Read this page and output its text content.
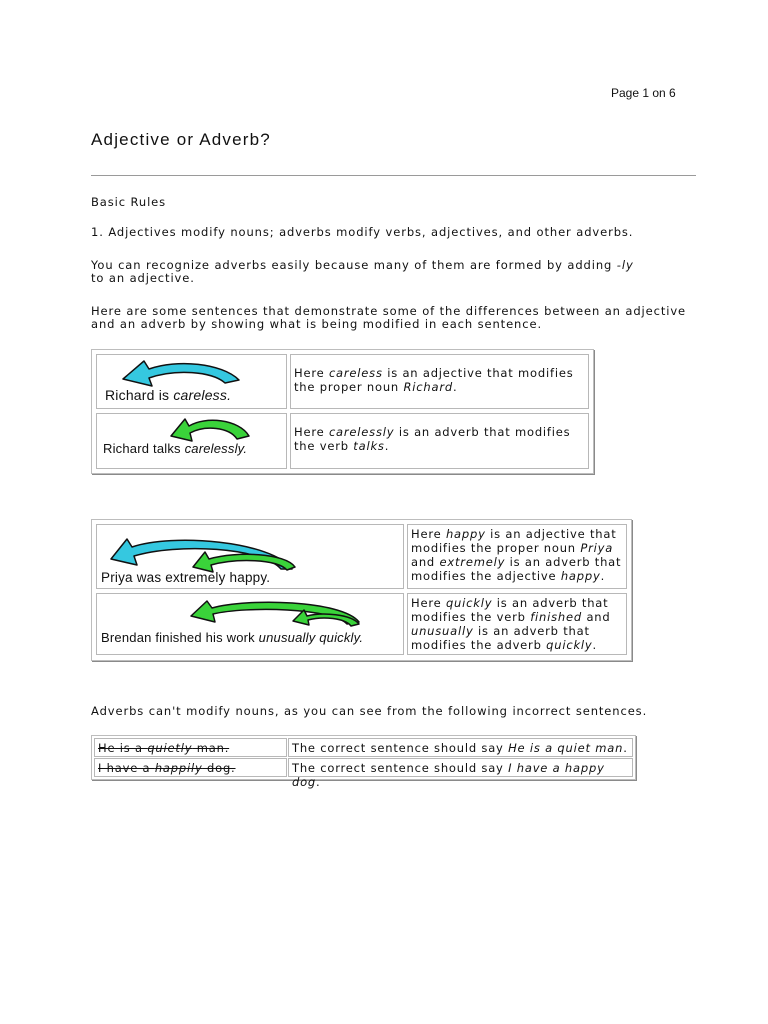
Page 1 on 6
Adjective or Adverb?
Basic Rules
1. Adjectives modify nouns; adverbs modify verbs, adjectives, and other adverbs.
You can recognize adverbs easily because many of them are formed by adding -ly to an adjective.
Here are some sentences that demonstrate some of the differences between an adjective and an adverb by showing what is being modified in each sentence.
Richard is careless.
Here careless is an adjective that modifies the proper noun Richard.
Richard talks carelessly.
Here carelessly is an adverb that modifies the verb talks.
Priya was extremely happy.
Here happy is an adjective that modifies the proper noun Priya and extremely is an adverb that modifies the adjective happy.
Brendan finished his work unusually quickly.
Here quickly is an adverb that modifies the verb finished and unusually is an adverb that modifies the adverb quickly.
Adverbs can't modify nouns, as you can see from the following incorrect sentences.
He is a quietly man.	The correct sentence should say He is a quiet man.
I have a happily dog.	The correct sentence should say I have a happy dog.
